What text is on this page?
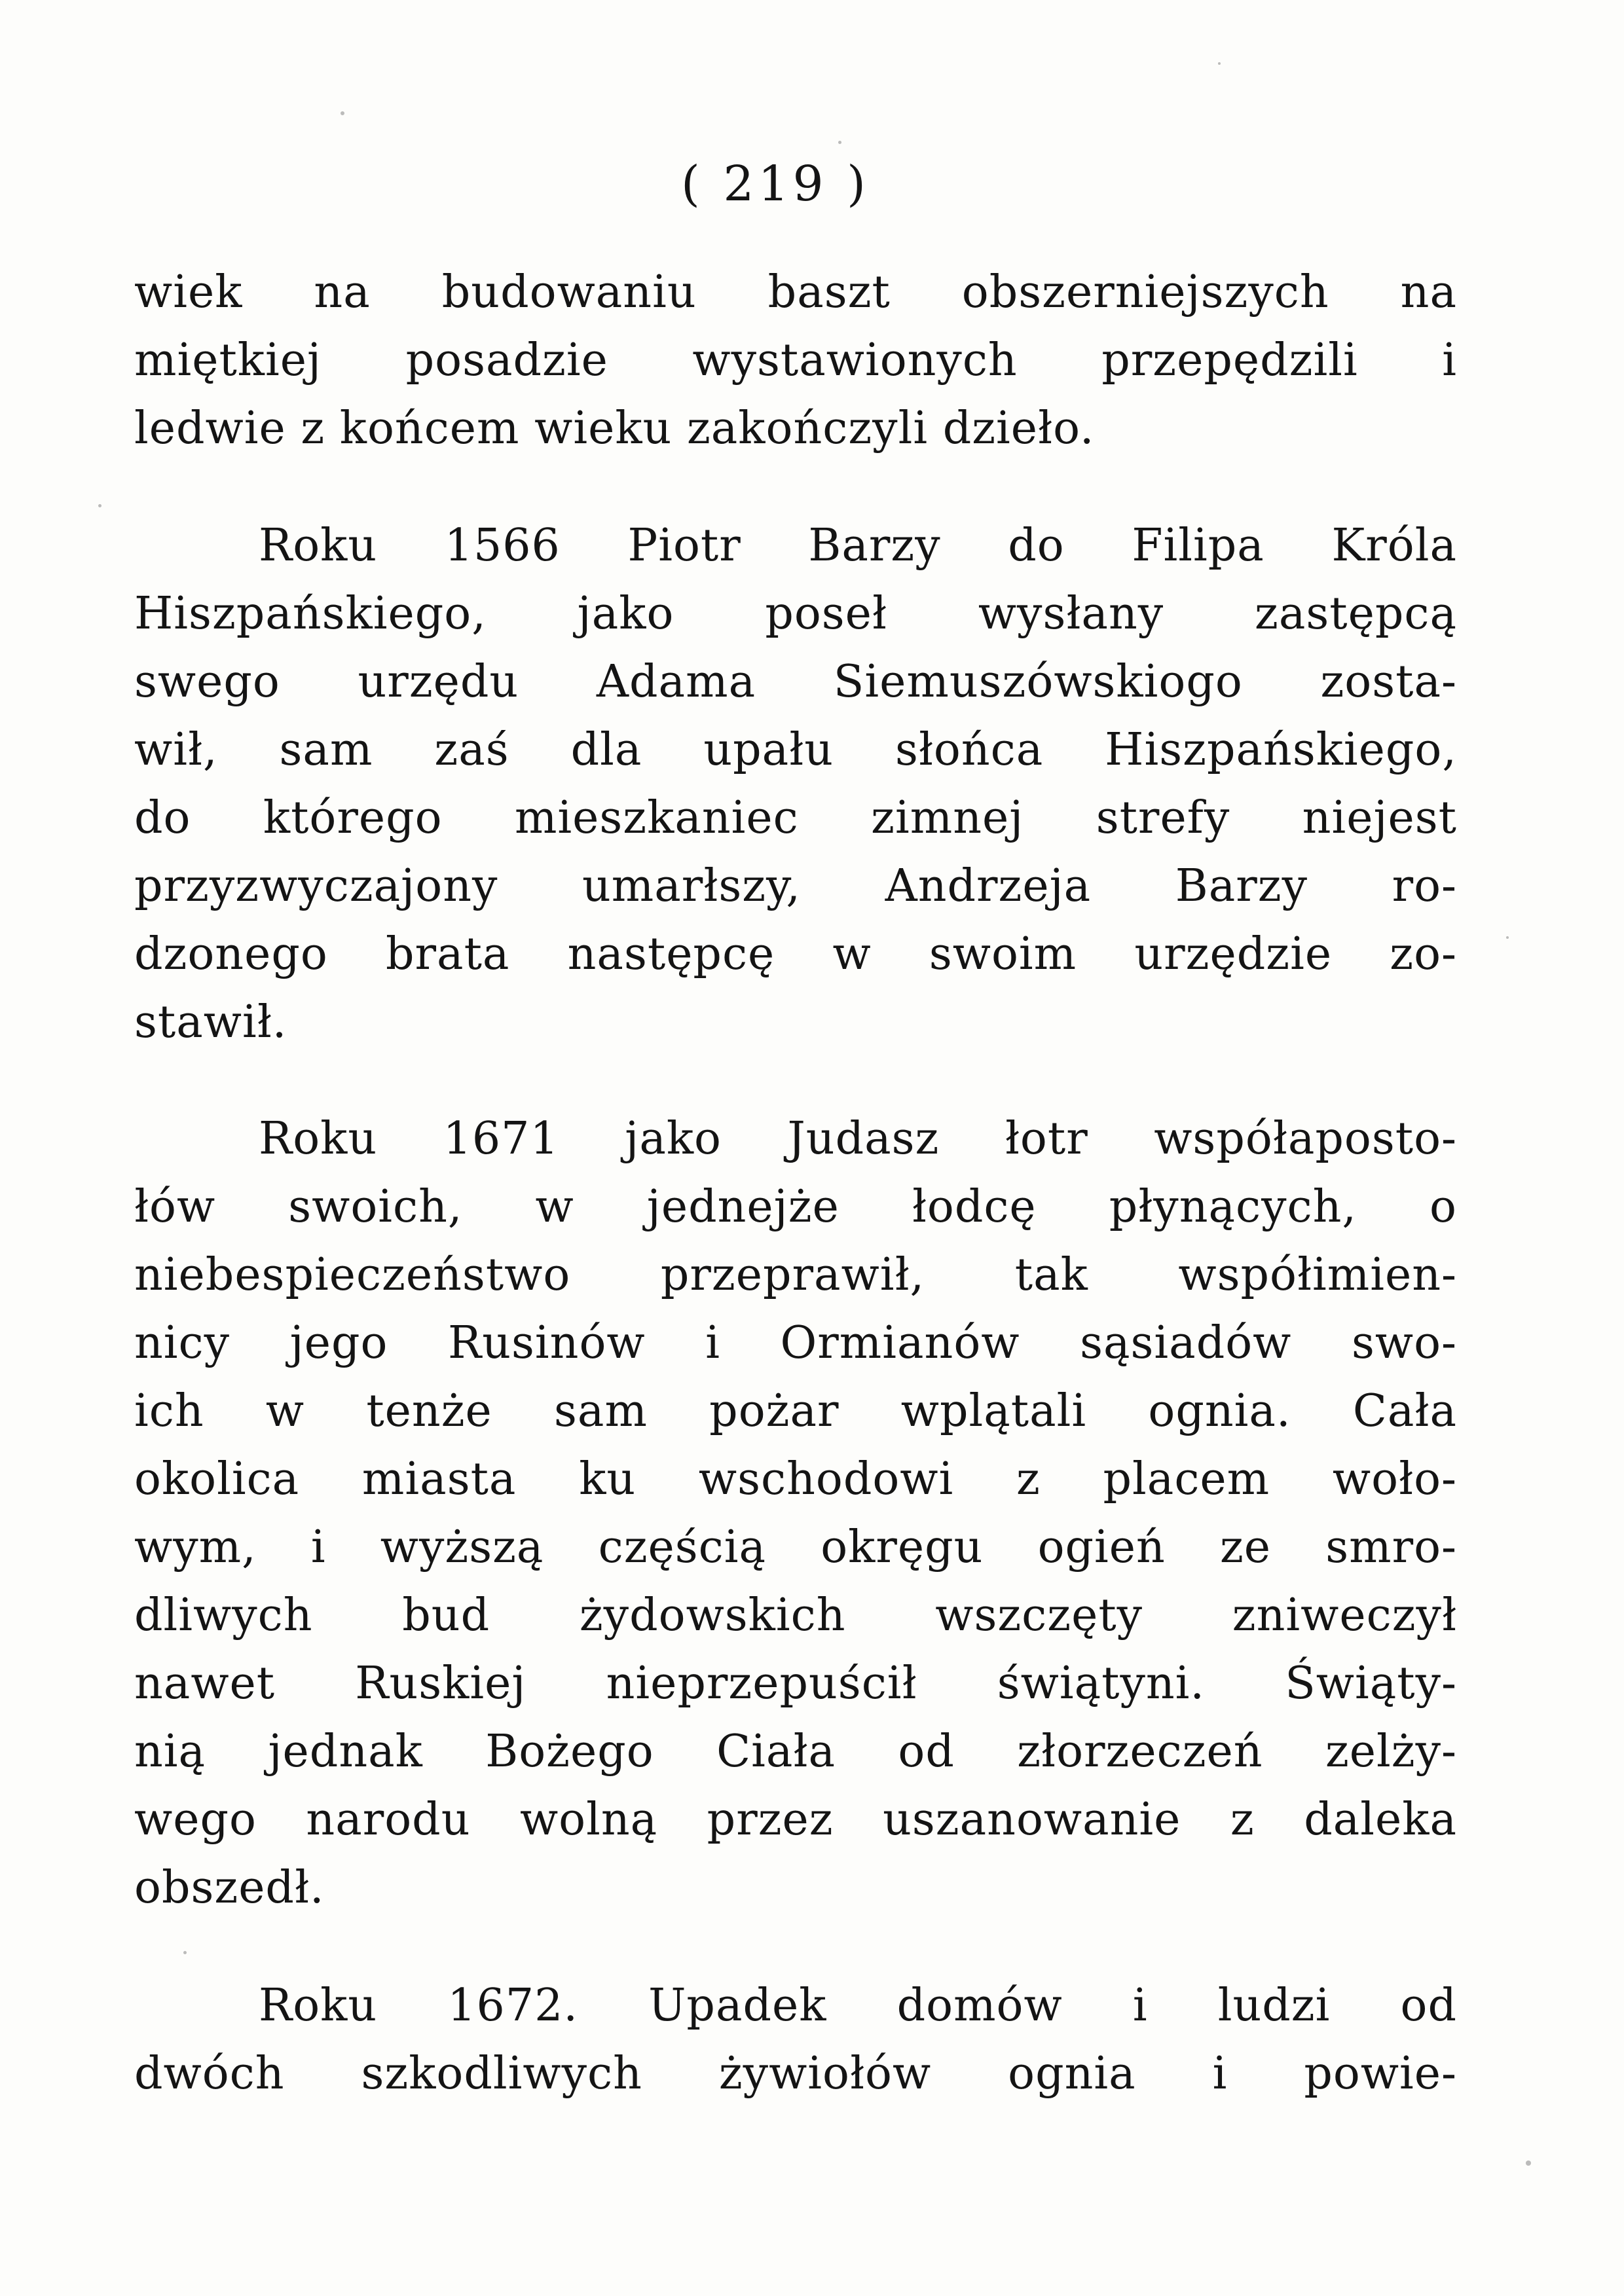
( 219 )
wiek na budowaniu baszt obszerniejszych na
miętkiej posadzie wystawionych przepędzili i
ledwie z końcem wieku zakończyli dzieło.
Roku 1566 Piotr Barzy do Filipa Króla
Hiszpańskiego, jako poseł wysłany zastępcą
swego urzędu Adama Siemuszówskiogo zosta-
wił, sam zaś dla upału słońca Hiszpańskiego,
do którego mieszkaniec zimnej strefy niejest
przyzwyczajony umarłszy, Andrzeja Barzy ro-
dzonego brata następcę w swoim urzędzie zo-
stawił.
Roku 1671 jako Judasz łotr współaposto-
łów swoich, w jednejże łodcę płynących, o
niebespieczeństwo przeprawił, tak współimien-
nicy jego Rusinów i Ormianów sąsiadów swo-
ich w tenże sam pożar wplątali ognia. Cała
okolica miasta ku wschodowi z placem woło-
wym, i wyższą częścią okręgu ogień ze smro-
dliwych bud żydowskich wszczęty zniweczył
nawet Ruskiej nieprzepuścił świątyni. Świąty-
nią jednak Bożego Ciała od złorzeczeń zelży-
wego narodu wolną przez uszanowanie z daleka
obszedł.
Roku 1672. Upadek domów i ludzi od
dwóch szkodliwych żywiołów ognia i powie-
